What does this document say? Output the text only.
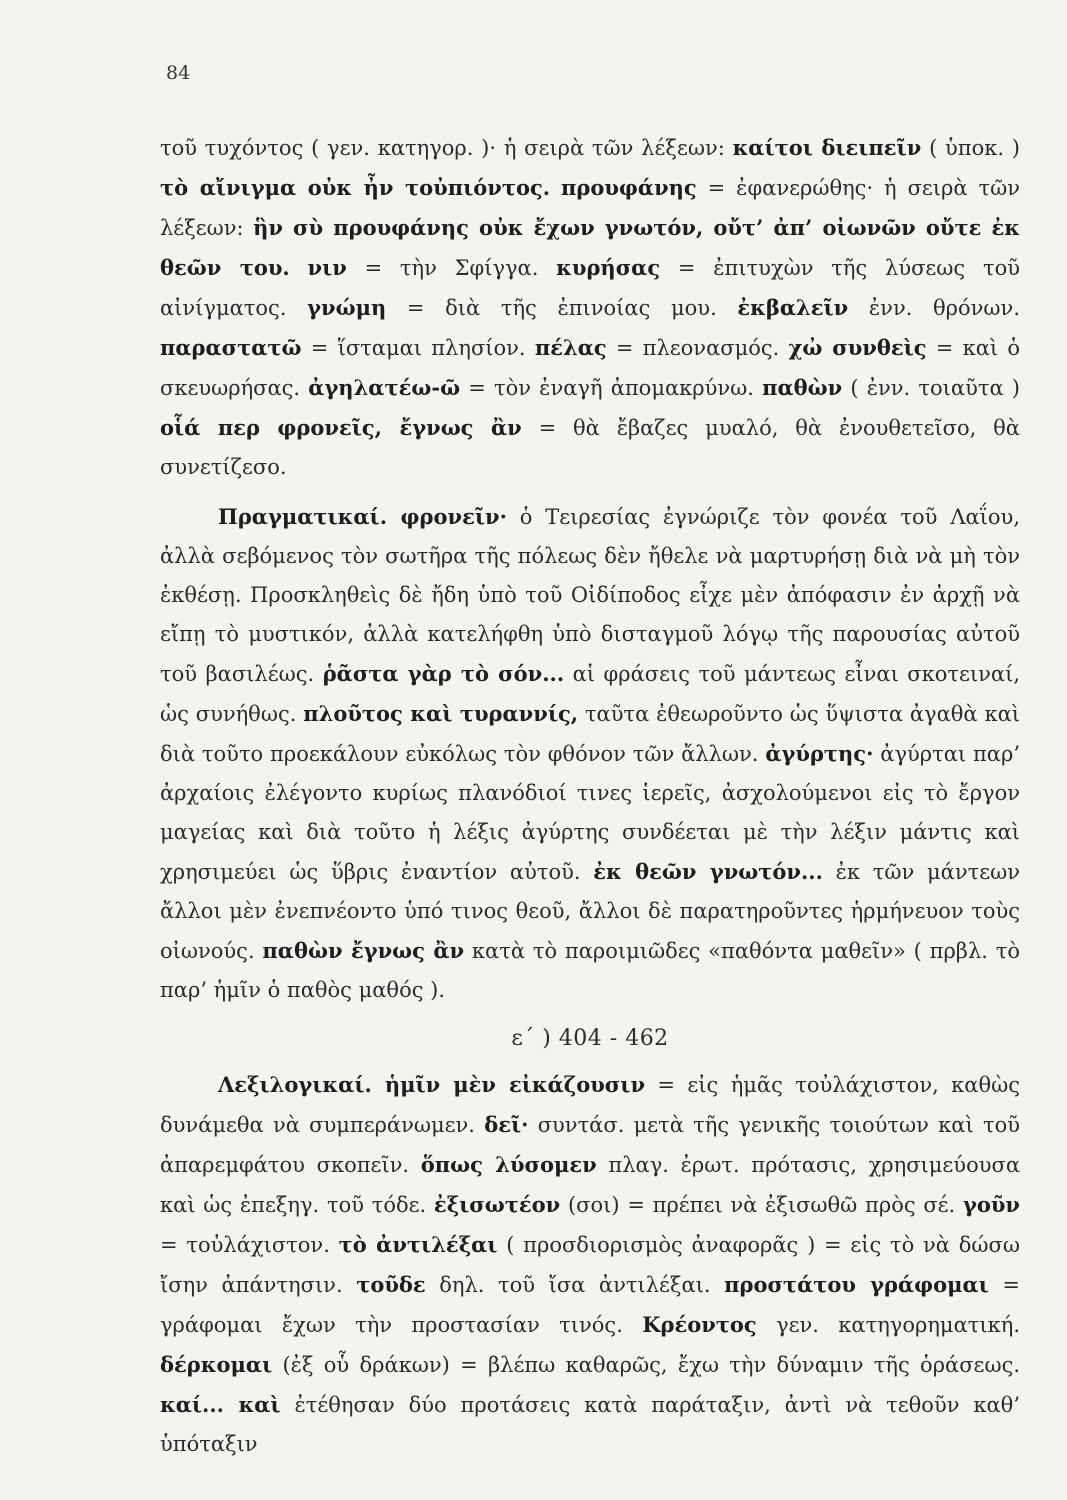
84

τοῦ τυχόντος ( γεν. κατηγορ. )· ἡ σειρὰ τῶν λέξεων: καίτοι διειπεῖν ( ὑποκ. ) τὸ αἴνιγμα οὐκ ἦν τοὐπιόντος. προυφάνης = ἐφανερώθης· ἡ σειρὰ τῶν λέξεων: ἣν σὺ προυφάνης οὐκ ἔχων γνωτόν, οὔτ’ ἀπ’ οἰωνῶν οὔτε ἐκ θεῶν του. νιν = τὴν Σφίγγα. κυρήσας = ἐπιτυχὼν τῆς λύσεως τοῦ αἰνίγματος. γνώμη = διὰ τῆς ἐπινοίας μου. ἐκβαλεῖν ἐνν. θρόνων. παραστατῶ = ἵσταμαι πλησίον. πέλας = πλεονασμός. χὠ συνθεὶς = καὶ ὁ σκευωρήσας. ἀγηλατέω-ῶ = τὸν ἐναγῆ ἀπομακρύνω. παθὼν ( ἐνν. τοιαῦτα ) οἷά περ φρονεῖς, ἔγνως ἂν = θὰ ἔβαζες μυαλό, θὰ ἐνουθετεῖσο, θὰ συνετίζεσο.

Πραγματικαί. φρονεῖν· ὁ Τειρεσίας ἐγνώριζε τὸν φονέα τοῦ Λαΐου, ἀλλὰ σεβόμενος τὸν σωτῆρα τῆς πόλεως δὲν ἤθελε νὰ μαρτυρήσῃ διὰ νὰ μὴ τὸν ἐκθέσῃ. Προσκληθεὶς δὲ ἤδη ὑπὸ τοῦ Οἰδίποδος εἶχε μὲν ἀπόφασιν ἐν ἀρχῇ νὰ εἴπῃ τὸ μυστικόν, ἀλλὰ κατελήφθη ὑπὸ δισταγμοῦ λόγῳ τῆς παρουσίας αὐτοῦ τοῦ βασιλέως. ῥᾶστα γὰρ τὸ σόν... αἱ φράσεις τοῦ μάντεως εἶναι σκοτειναί, ὡς συνήθως. πλοῦτος καὶ τυραννίς, ταῦτα ἐθεωροῦντο ὡς ὕψιστα ἀγαθὰ καὶ διὰ τοῦτο προεκάλουν εὐκόλως τὸν φθόνον τῶν ἄλλων. ἀγύρτης· ἀγύρται παρ’ ἀρχαίοις ἐλέγοντο κυρίως πλανόδιοί τινες ἱερεῖς, ἀσχολούμενοι εἰς τὸ ἔργον μαγείας καὶ διὰ τοῦτο ἡ λέξις ἀγύρτης συνδέεται μὲ τὴν λέξιν μάντις καὶ χρησιμεύει ὡς ὕβρις ἐναντίον αὐτοῦ. ἐκ θεῶν γνωτόν... ἐκ τῶν μάντεων ἄλλοι μὲν ἐνεπνέοντο ὑπό τινος θεοῦ, ἄλλοι δὲ παρατηροῦντες ἡρμήνευον τοὺς οἰωνούς. παθὼν ἔγνως ἂν κατὰ τὸ παροιμιῶδες «παθόντα μαθεῖν» ( πρβλ. τὸ παρ’ ἡμῖν ὁ παθὸς μαθός ).

ε΄ ) 404 - 462

Λεξιλογικαί. ἡμῖν μὲν εἰκάζουσιν = εἰς ἡμᾶς τοὐλάχιστον, καθὼς δυνάμεθα νὰ συμπεράνωμεν. δεῖ· συντάσ. μετὰ τῆς γενικῆς τοιούτων καὶ τοῦ ἀπαρεμφάτου σκοπεῖν. ὅπως λύσομεν πλαγ. ἐρωτ. πρότασις, χρησιμεύουσα καὶ ὡς ἐπεξηγ. τοῦ τόδε. ἐξισωτέον (σοι) = πρέπει νὰ ἐξισωθῶ πρὸς σέ. γοῦν = τοὐλάχιστον. τὸ ἀντιλέξαι ( προσδιορισμὸς ἀναφορᾶς ) = εἰς τὸ νὰ δώσω ἴσην ἀπάντησιν. τοῦδε δηλ. τοῦ ἴσα ἀντιλέξαι. προστάτου γράφομαι = γράφομαι ἔχων τὴν προστασίαν τινός. Κρέοντος γεν. κατηγορηματική. δέρκομαι (ἐξ οὗ δράκων) = βλέπω καθαρῶς, ἔχω τὴν δύναμιν τῆς ὁράσεως. καί... καὶ ἐτέθησαν δύο προτάσεις κατὰ παράταξιν, ἀντὶ νὰ τεθοῦν καθ’ ὑπόταξιν
